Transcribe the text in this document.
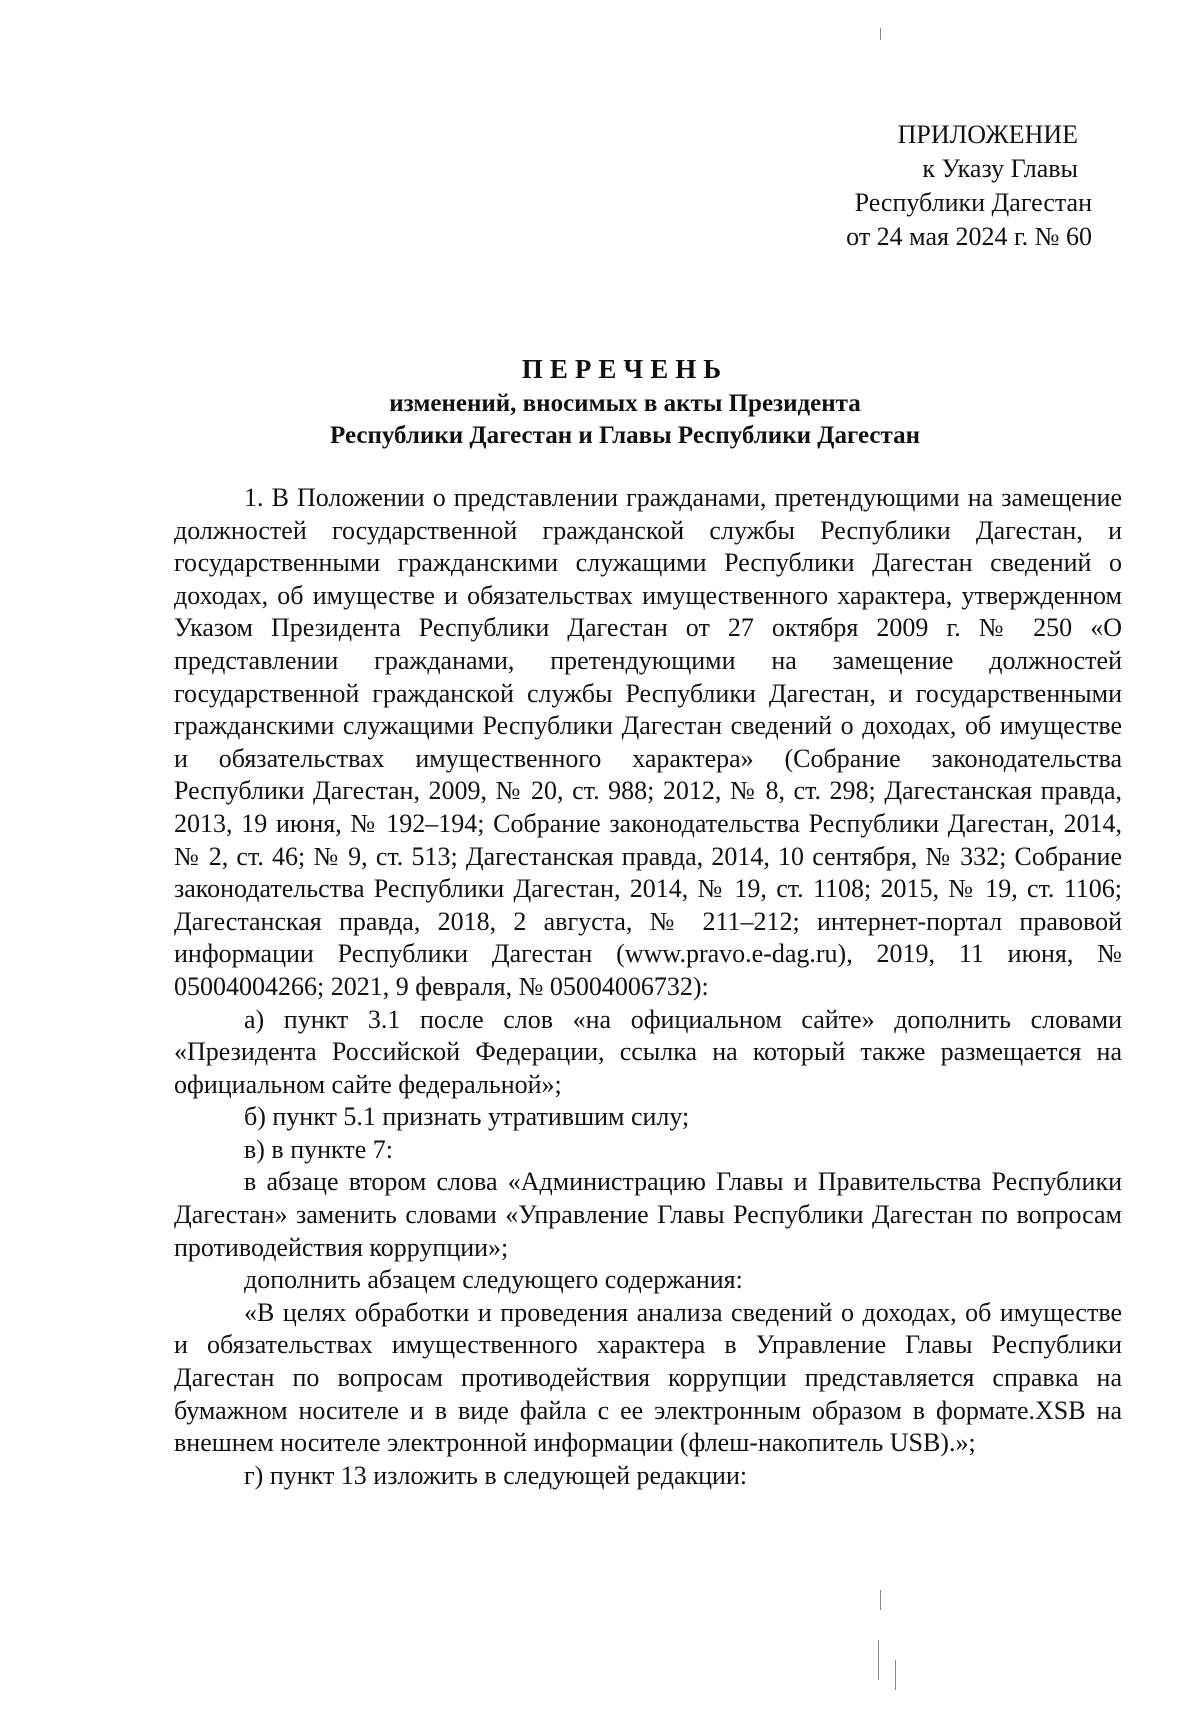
ПРИЛОЖЕНИЕ
к Указу Главы
Республики Дагестан
от 24 мая 2024 г. № 60
ПЕРЕЧЕНЬ
изменений, вносимых в акты Президента
Республики Дагестан и Главы Республики Дагестан

1. В Положении о представлении гражданами, претендующими на замещение должностей государственной гражданской службы Республики Дагестан, и государственными гражданскими служащими Республики Дагестан сведений о доходах, об имуществе и обязательствах имущественного характера, утвержденном Указом Президента Республики Дагестан от 27 октября 2009 г. № 250 «О представлении гражданами, претендующими на замещение должностей государственной гражданской службы Республики Дагестан, и государственными гражданскими служащими Республики Дагестан сведений о доходах, об имуществе и обязательствах имущественного характера» (Собрание законодательства Республики Дагестан, 2009, № 20, ст. 988; 2012, № 8, ст. 298; Дагестанская правда, 2013, 19 июня, № 192–194; Собрание законодательства Республики Дагестан, 2014, № 2, ст. 46; № 9, ст. 513; Дагестанская правда, 2014, 10 сентября, № 332; Собрание законодательства Республики Дагестан, 2014, № 19, ст. 1108; 2015, № 19, ст. 1106; Дагестанская правда, 2018, 2 августа, № 211–212; интернет-портал правовой информации Республики Дагестан (www.pravo.e-dag.ru), 2019, 11 июня, № 05004004266; 2021, 9 февраля, № 05004006732):

а) пункт 3.1 после слов «на официальном сайте» дополнить словами «Президента Российской Федерации, ссылка на который также размещается на официальном сайте федеральной»;

б) пункт 5.1 признать утратившим силу;

в) в пункте 7:

в абзаце втором слова «Администрацию Главы и Правительства Республики Дагестан» заменить словами «Управление Главы Республики Дагестан по вопросам противодействия коррупции»;

дополнить абзацем следующего содержания:

«В целях обработки и проведения анализа сведений о доходах, об имуществе и обязательствах имущественного характера в Управление Главы Республики Дагестан по вопросам противодействия коррупции представляется справка на бумажном носителе и в виде файла с ее электронным образом в формате.XSB на внешнем носителе электронной информации (флеш-накопитель USB).»;

г) пункт 13 изложить в следующей редакции:
